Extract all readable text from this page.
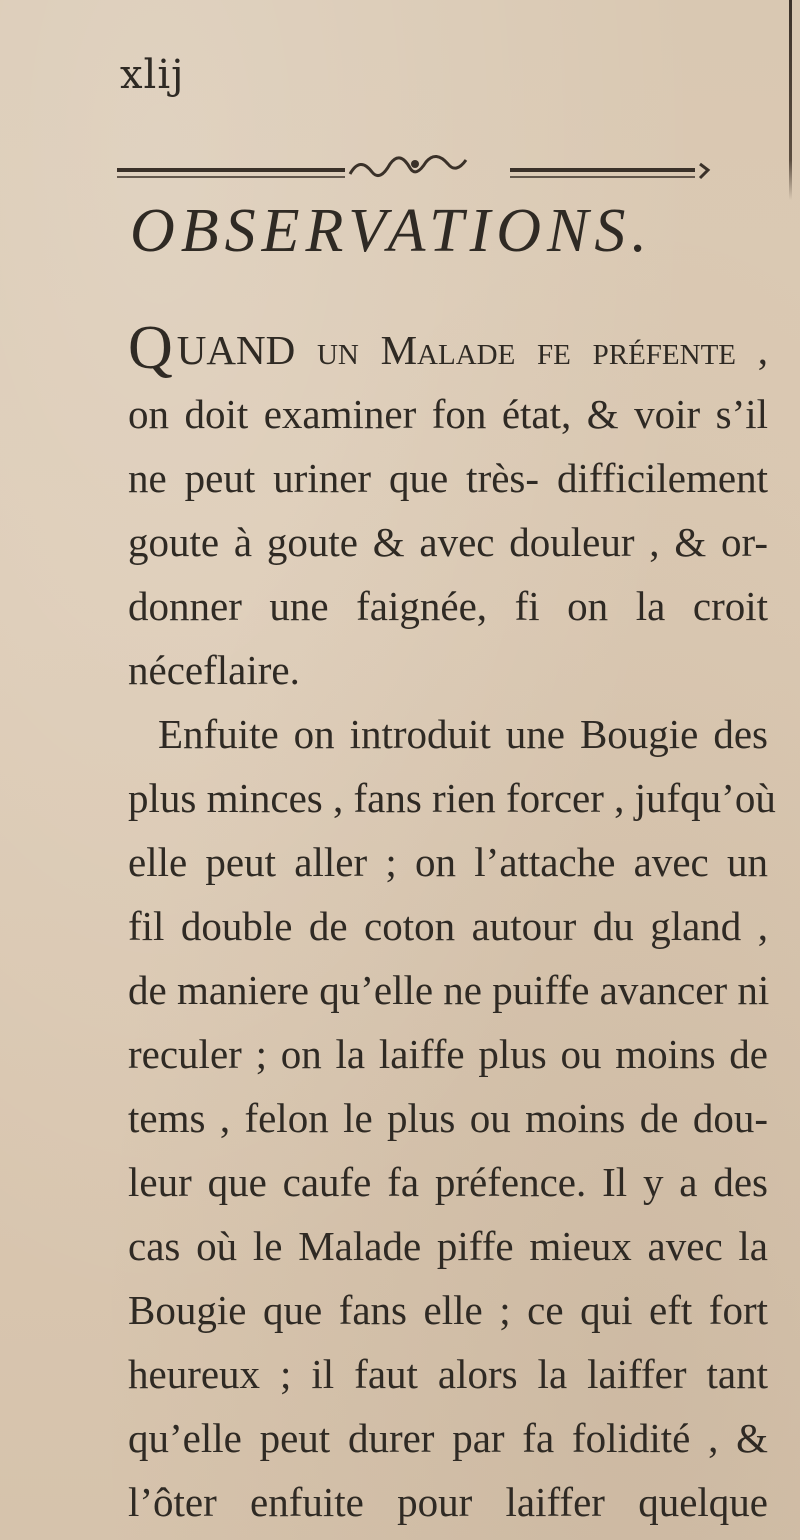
xlij
OBSERVATIONS.
Q UAND un Malade fe préfente ,
on doit examiner fon état, & voir s’il
ne peut uriner que très- difficilement
goute à goute & avec douleur , & or-
donner une faignée, fi on la croit
néceflaire.
Enfuite on introduit une Bougie des
plus minces , fans rien forcer , jufqu’où
elle peut aller ; on l’attache avec un
fil double de coton autour du gland ,
de maniere qu’elle ne puiffe avancer ni
reculer ; on la laiffe plus ou moins de
tems , felon le plus ou moins de dou-
leur que caufe fa préfence. Il y a des
cas où le Malade piffe mieux avec la
Bougie que fans elle ; ce qui eft fort
heureux ; il faut alors la laiffer tant
qu’elle peut durer par fa folidité , &
l’ôter enfuite pour laiffer quelque
